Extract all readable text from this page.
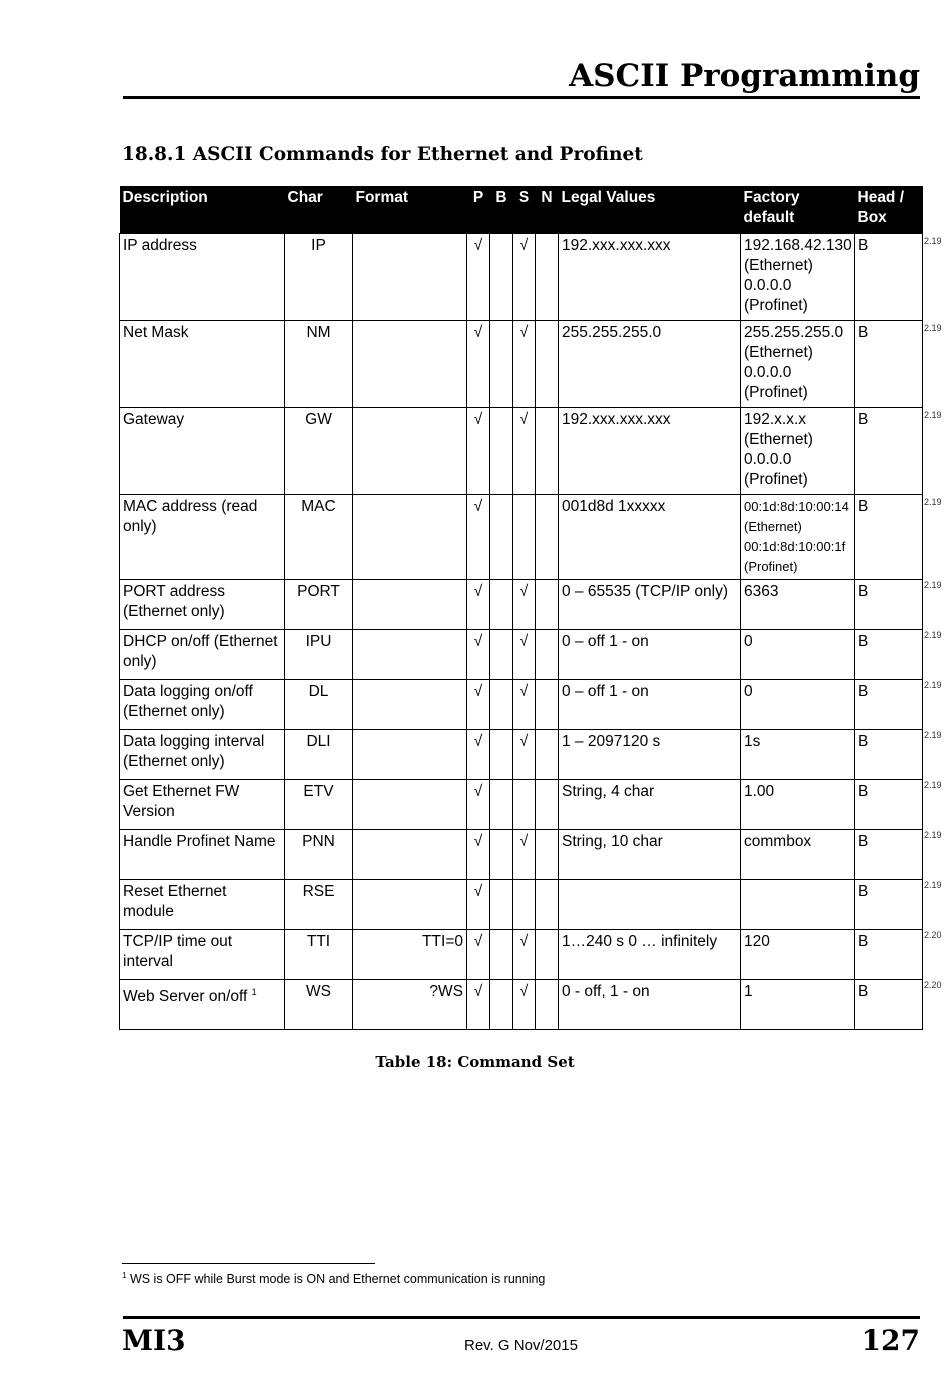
ASCII Programming
18.8.1 ASCII Commands for Ethernet and Profinet
Description	Char	Format	P	B	S	N	Legal Values	Factory default	Head / Box
IP address	IP		√		√		192.xxx.xxx.xxx	192.168.42.130 (Ethernet) 0.0.0.0 (Profinet)	B
Net Mask	NM		√		√		255.255.255.0	255.255.255.0 (Ethernet) 0.0.0.0 (Profinet)	B
Gateway	GW		√		√		192.xxx.xxx.xxx	192.x.x.x (Ethernet) 0.0.0.0 (Profinet)	B
MAC address (read only)	MAC		√				001d8d 1xxxxx	00:1d:8d:10:00:14 (Ethernet) 00:1d:8d:10:00:1f (Profinet)	B
PORT address (Ethernet only)	PORT		√		√		0 – 65535 (TCP/IP only)	6363	B
DHCP on/off (Ethernet only)	IPU		√		√		0 – off 1 - on	0	B
Data logging on/off (Ethernet only)	DL		√		√		0 – off 1 - on	0	B
Data logging interval (Ethernet only)	DLI		√		√		1 – 2097120 s	1s	B
Get Ethernet FW Version	ETV		√				String, 4 char	1.00	B
Handle Profinet Name	PNN		√		√		String, 10 char	commbox	B
Reset Ethernet module	RSE		√						B
TCP/IP time out interval	TTI	TTI=0	√		√		1…240 s 0 … infinitely	120	B
Web Server on/off $^1$	WS	?WS	√		√		0 - off, 1 - on	1	B
Table 18: Command Set
$^1$ WS is OFF while Burst mode is ON and Ethernet communication is running
MI3	Rev. G Nov/2015	127
2.19
2.19
2.19
2.19
2.19
2.19
2.19
2.19
2.19
2.19
2.19
2.20
2.20
